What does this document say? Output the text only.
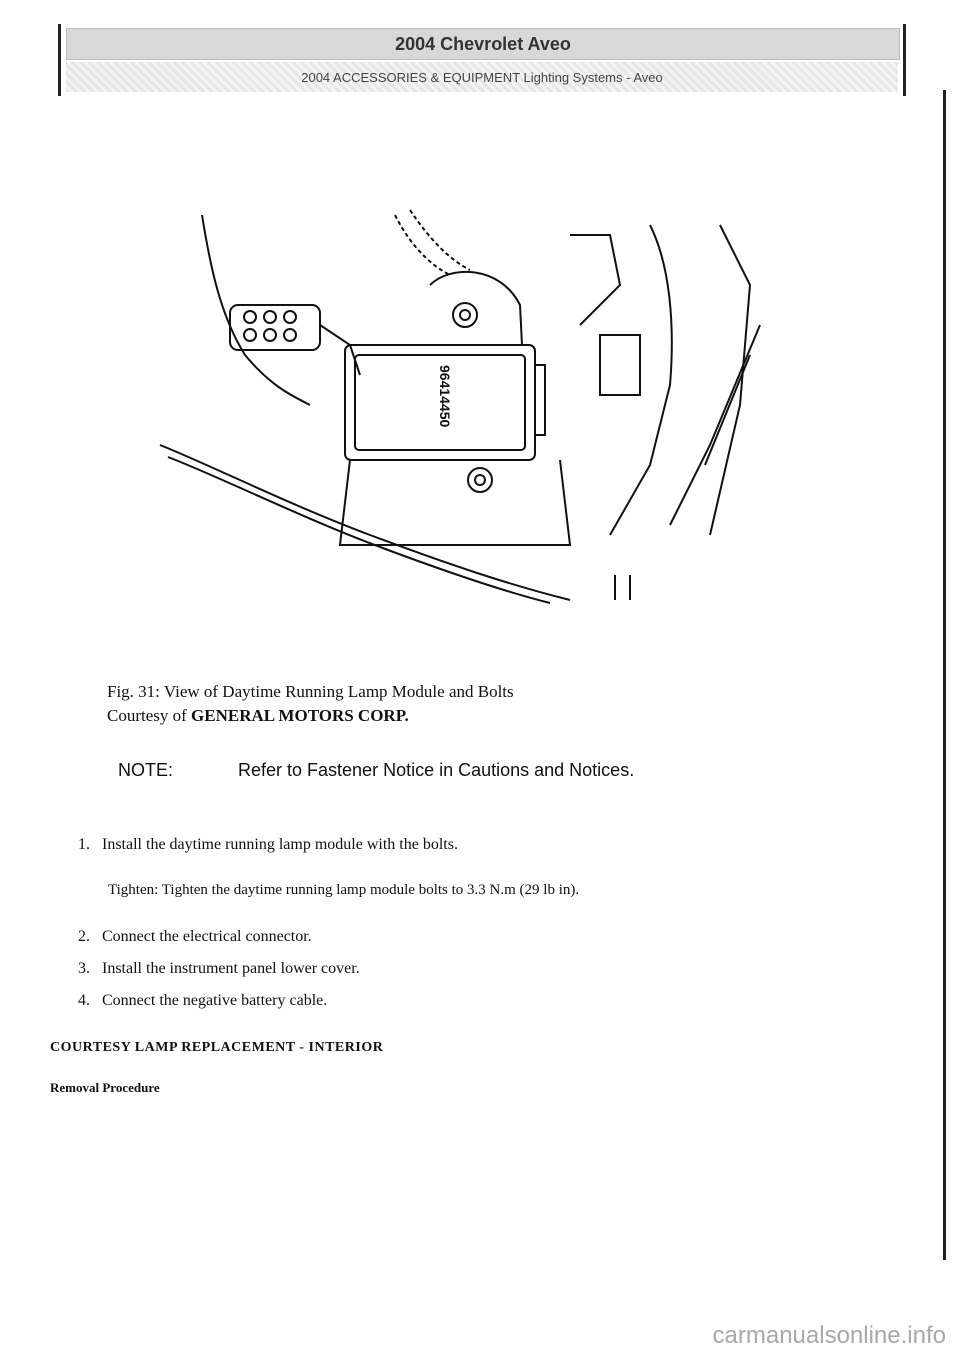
2004 Chevrolet Aveo
2004 ACCESSORIES & EQUIPMENT Lighting Systems - Aveo
96414450
Fig. 31: View of Daytime Running Lamp Module and Bolts
Courtesy of GENERAL MOTORS CORP.
NOTE:	Refer to Fastener Notice in Cautions and Notices.
1. Install the daytime running lamp module with the bolts.
Tighten: Tighten the daytime running lamp module bolts to 3.3 N.m (29 lb in).
2. Connect the electrical connector.
3. Install the instrument panel lower cover.
4. Connect the negative battery cable.
COURTESY LAMP REPLACEMENT - INTERIOR
Removal Procedure
carmanualsonline.info
